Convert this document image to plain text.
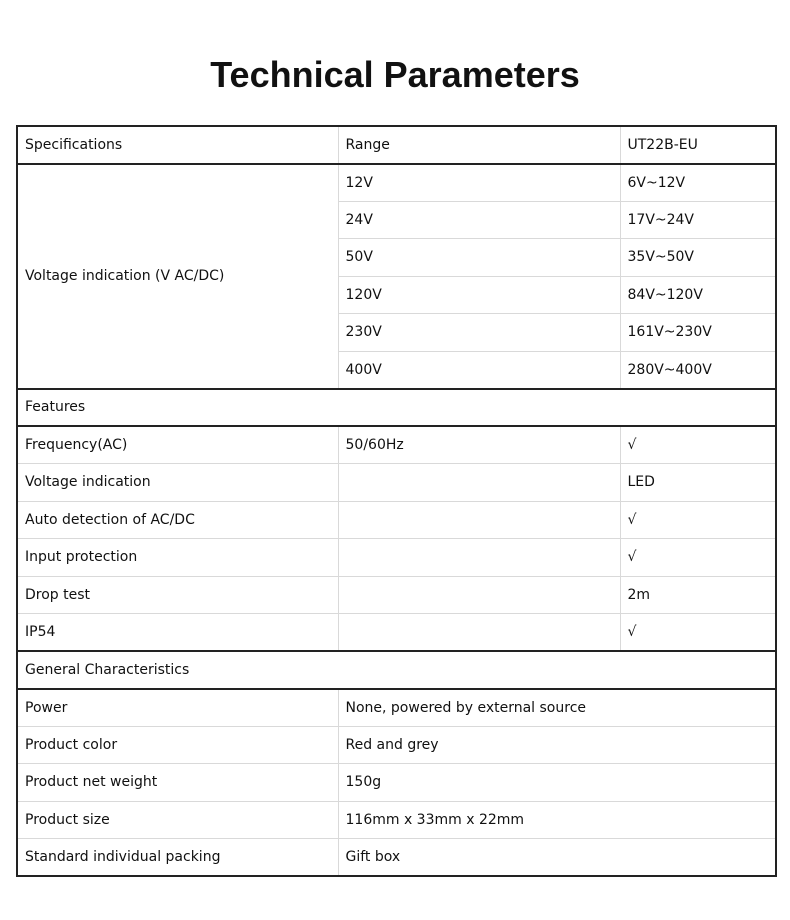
Technical Parameters
Specifications	Range	UT22B-EU
Voltage indication (V AC/DC)	12V	6V~12V
	24V	17V~24V
	50V	35V~50V
	120V	84V~120V
	230V	161V~230V
	400V	280V~400V
Features		
Frequency(AC)	50/60Hz	√
Voltage indication		LED
Auto detection of AC/DC		√
Input protection		√
Drop test		2m
IP54		√
General Characteristics		
Power	None, powered by external source	
Product color	Red and grey	
Product net weight	150g	
Product size	116mm x 33mm x 22mm	
Standard individual packing	Gift box	
